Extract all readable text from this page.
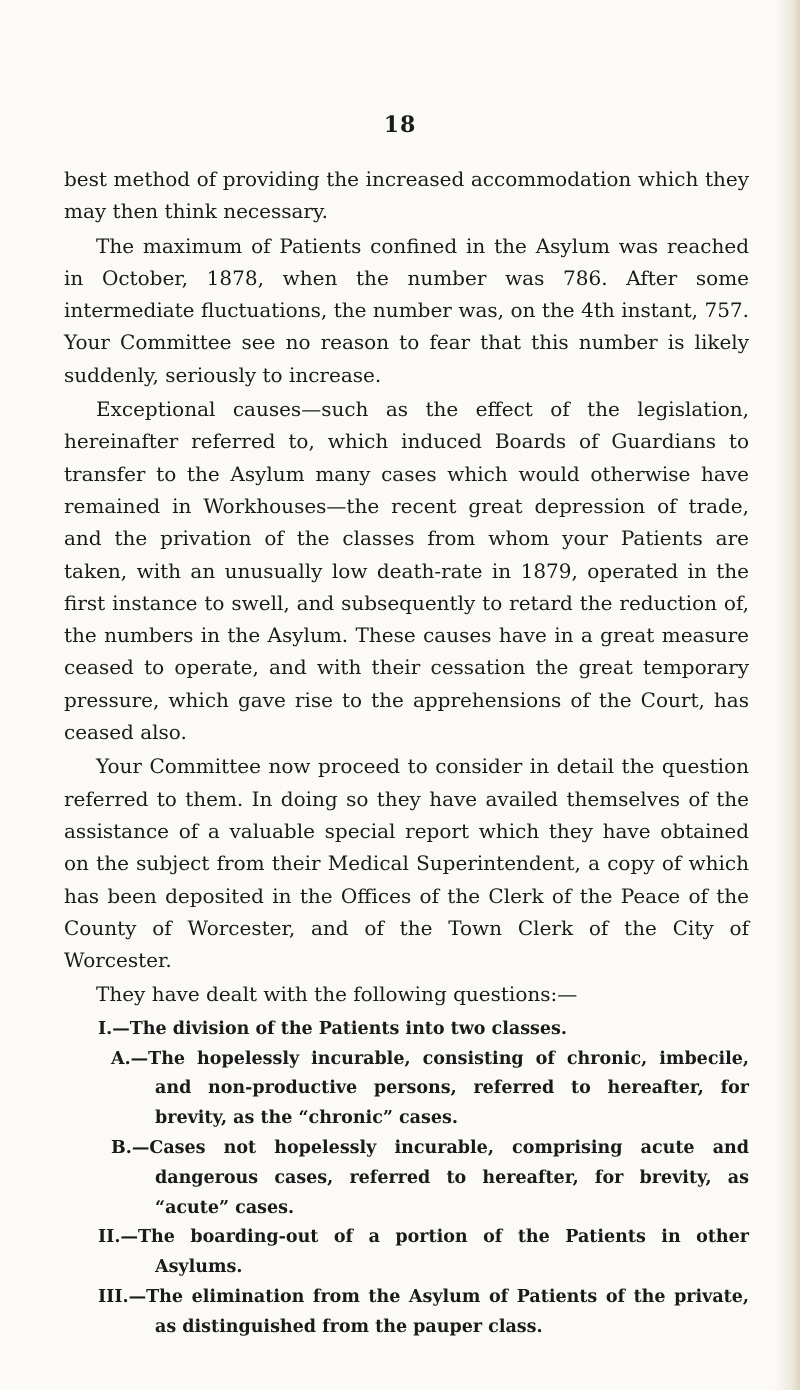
18

best method of providing the increased accommodation which they may then think necessary.

The maximum of Patients confined in the Asylum was reached in October, 1878, when the number was 786. After some intermediate fluctuations, the number was, on the 4th instant, 757. Your Committee see no reason to fear that this number is likely suddenly, seriously to increase.

Exceptional causes—such as the effect of the legislation, hereinafter referred to, which induced Boards of Guardians to transfer to the Asylum many cases which would otherwise have remained in Workhouses—the recent great depression of trade, and the privation of the classes from whom your Patients are taken, with an unusually low death-rate in 1879, operated in the first instance to swell, and subsequently to retard the reduction of, the numbers in the Asylum. These causes have in a great measure ceased to operate, and with their cessation the great temporary pressure, which gave rise to the apprehensions of the Court, has ceased also.

Your Committee now proceed to consider in detail the question referred to them. In doing so they have availed themselves of the assistance of a valuable special report which they have obtained on the subject from their Medical Superintendent, a copy of which has been deposited in the Offices of the Clerk of the Peace of the County of Worcester, and of the Town Clerk of the City of Worcester.

They have dealt with the following questions:—

I.—The division of the Patients into two classes.
A.—The hopelessly incurable, consisting of chronic, imbecile, and non-productive persons, referred to hereafter, for brevity, as the “chronic” cases.
B.—Cases not hopelessly incurable, comprising acute and dangerous cases, referred to hereafter, for brevity, as “acute” cases.
II.—The boarding-out of a portion of the Patients in other Asylums.
III.—The elimination from the Asylum of Patients of the private, as distinguished from the pauper class.
